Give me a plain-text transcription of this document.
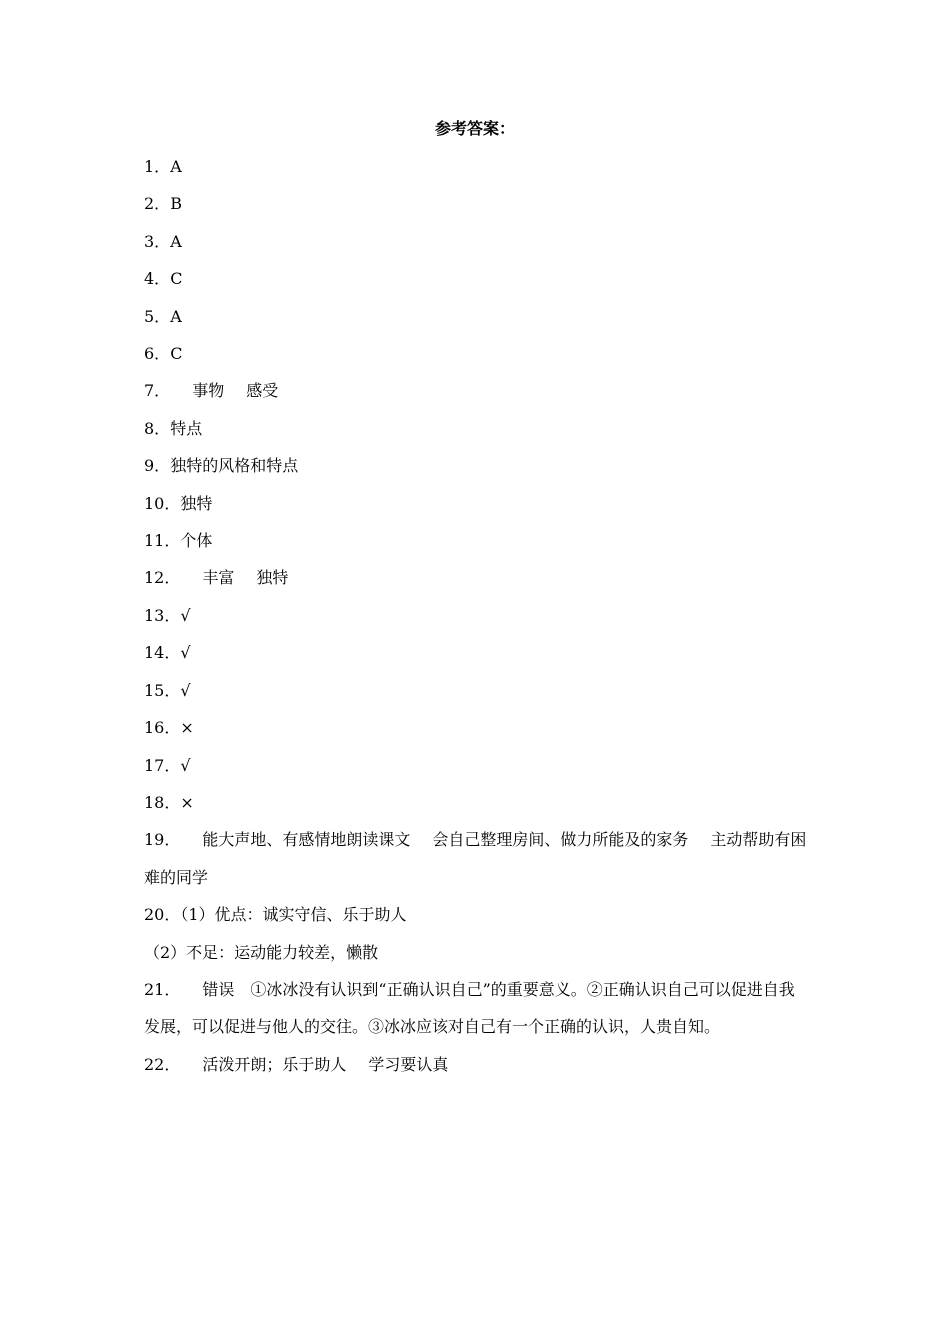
参考答案：
1．A
2．B
3．A
4．C
5．A
6．C
7． 事物 感受
8．特点
9．独特的风格和特点
10．独特
11．个体
12． 丰富 独特
13．√
14．√
15．√
16．×
17．√
18．×
19． 能大声地、有感情地朗读课文 会自己整理房间、做力所能及的家务 主动帮助有困难的同学
20．（1）优点：诚实守信、乐于助人
（2）不足：运动能力较差，懒散
21． 错误 ①冰冰没有认识到“正确认识自己”的重要意义。②正确认识自己可以促进自我发展，可以促进与他人的交往。③冰冰应该对自己有一个正确的认识，人贵自知。
22． 活泼开朗；乐于助人 学习要认真
